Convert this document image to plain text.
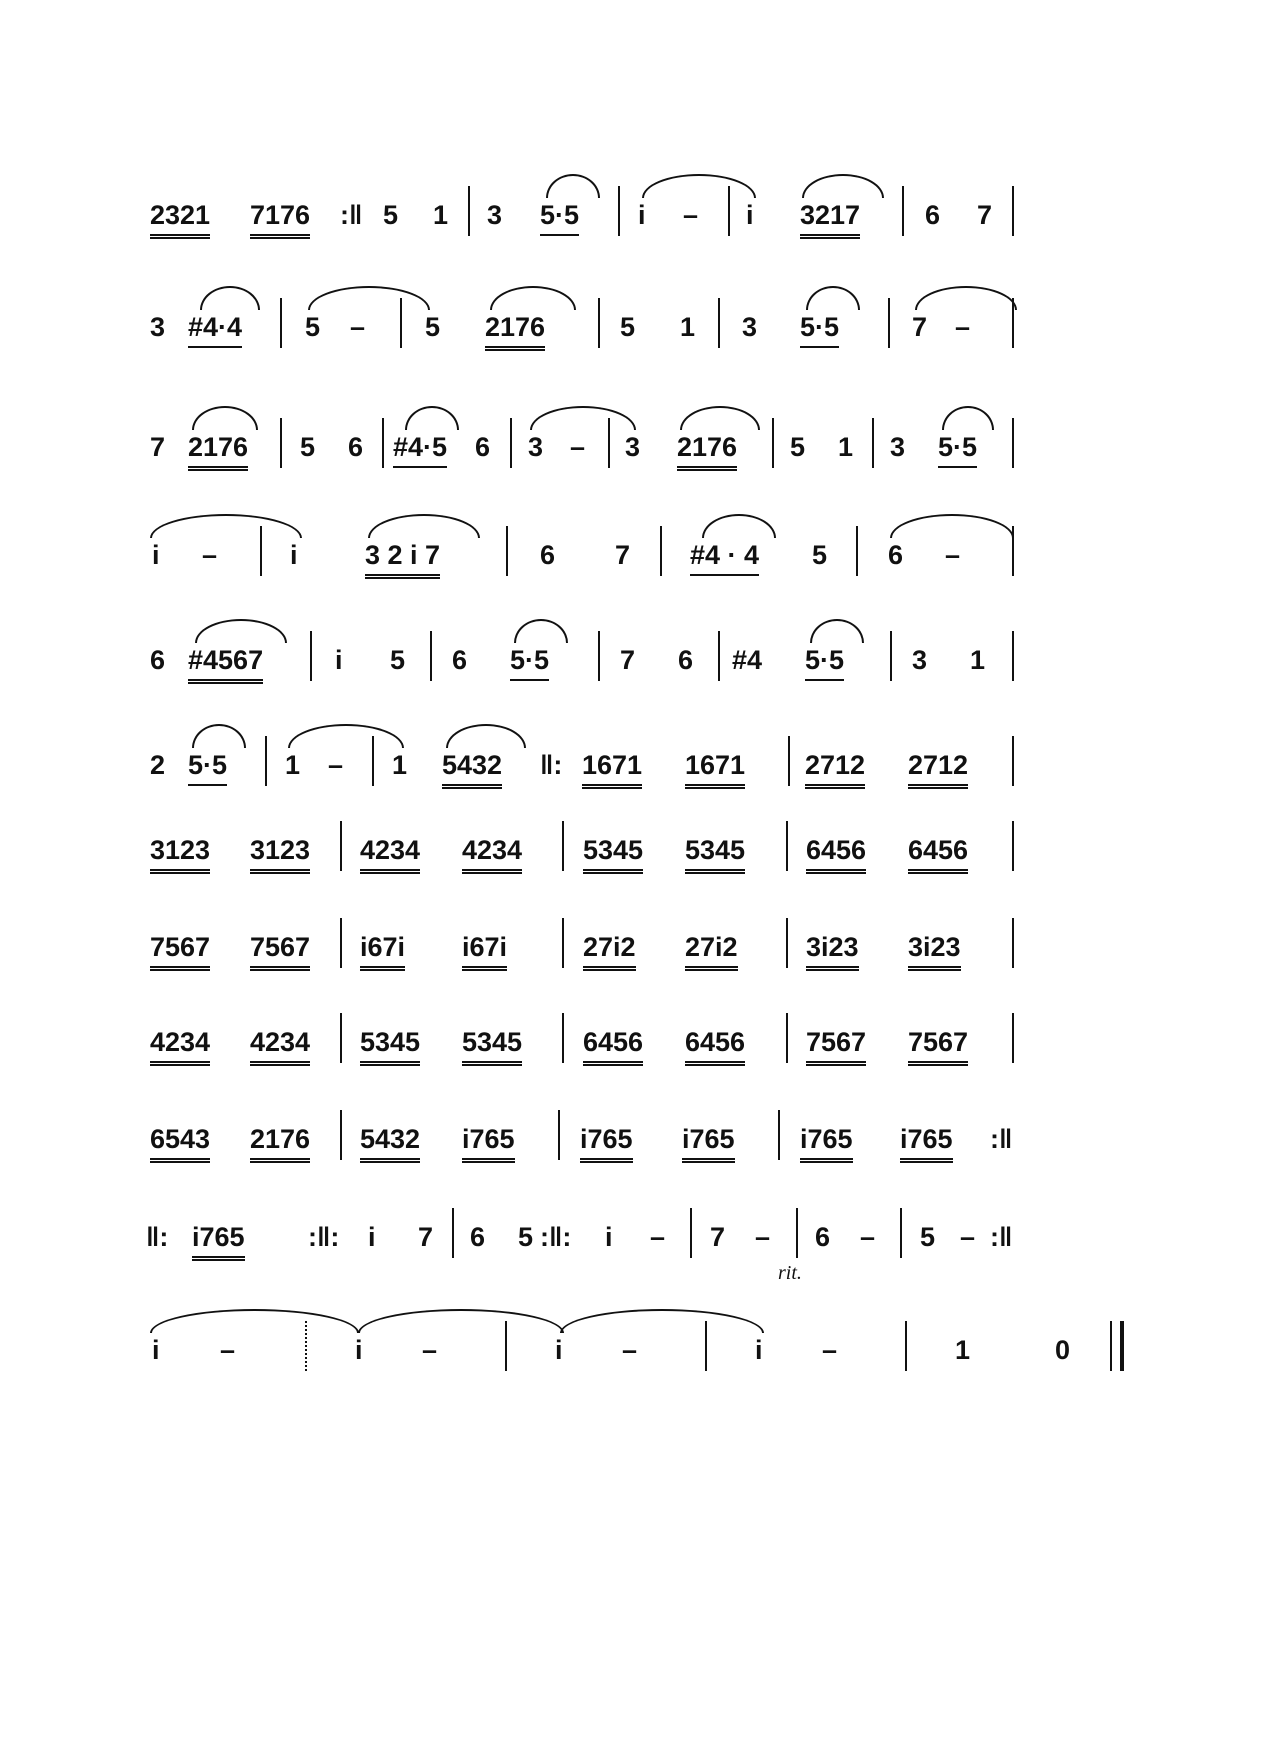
2321 7176 :‖ 5 1 3 5·5 i – i 3217 6 7
3 #4·4 5 – 5 2176	5 1 3 5·5	7 –
7 2176 5 6 #4·5 6 3 – 3 2176 5 1 3 5·5
i –	i 3 2 i 7	6 7 #4 · 4 5 6 –
6 #4567	i 5 6 5·5	7 6 #4 5·5	3 1
2 5·5 1 – 1 5432 ‖: 1671 1671 2712 2712
3123 3123 4234 4234 5345 5345 6456 6456
7567 7567 i67i i67i	27i2 27i2	3i23 3i23
4234 4234 5345 5345 6456 6456 7567 7567
6543 2176 5432 i765 i765 i765 i765 i765 :‖
‖: i765 :‖: i 7 6 5 :‖: i – 7 – 6 – 5 – :‖
rit.
i –	i –	i –	i –	1	0
